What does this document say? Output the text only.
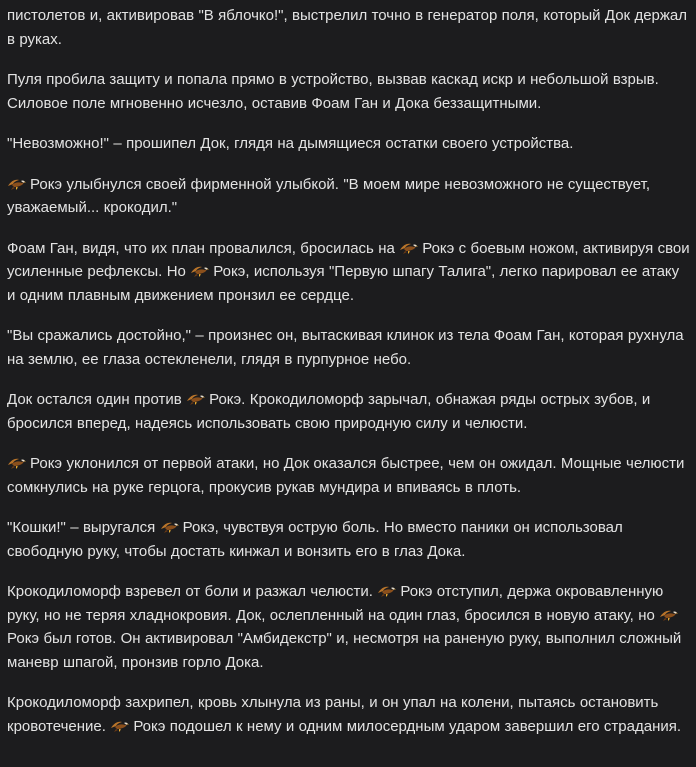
пистолетов и, активировав "В яблочко!", выстрелил точно в генератор поля, который Док держал в руках.

Пуля пробила защиту и попала прямо в устройство, вызвав каскад искр и небольшой взрыв. Силовое поле мгновенно исчезло, оставив Фоам Ган и Дока беззащитными.

"Невозможно!" – прошипел Док, глядя на дымящиеся остатки своего устройства.

Рокэ улыбнулся своей фирменной улыбкой. "В моем мире невозможного не существует, уважаемый... крокодил."

Фоам Ган, видя, что их план провалился, бросилась на
Рокэ с боевым ножом, активируя свои усиленные рефлексы. Но
Рокэ, используя "Первую шпагу Талига", легко парировал ее атаку и одним плавным движением пронзил ее сердце.

"Вы сражались достойно," – произнес он, вытаскивая клинок из тела Фоам Ган, которая рухнула на землю, ее глаза остекленели, глядя в пурпурное небо.

Док остался один против
Рокэ. Крокодиломорф зарычал, обнажая ряды острых зубов, и бросился вперед, надеясь использовать свою природную силу и челюсти.

Рокэ уклонился от первой атаки, но Док оказался быстрее, чем он ожидал. Мощные челюсти сомкнулись на руке герцога, прокусив рукав мундира и впиваясь в плоть.

"Кошки!" – выругался
Рокэ, чувствуя острую боль. Но вместо паники он использовал свободную руку, чтобы достать кинжал и вонзить его в глаз Дока.

Крокодиломорф взревел от боли и разжал челюсти.
Рокэ отступил, держа окровавленную руку, но не теряя хладнокровия. Док, ослепленный на один глаз, бросился в новую атаку, но
Рокэ был готов. Он активировал "Амбидекстр" и, несмотря на раненую руку, выполнил сложный маневр шпагой, пронзив горло Дока.

Крокодиломорф захрипел, кровь хлынула из раны, и он упал на колени, пытаясь остановить кровотечение.
Рокэ подошел к нему и одним милосердным ударом завершил его страдания.
